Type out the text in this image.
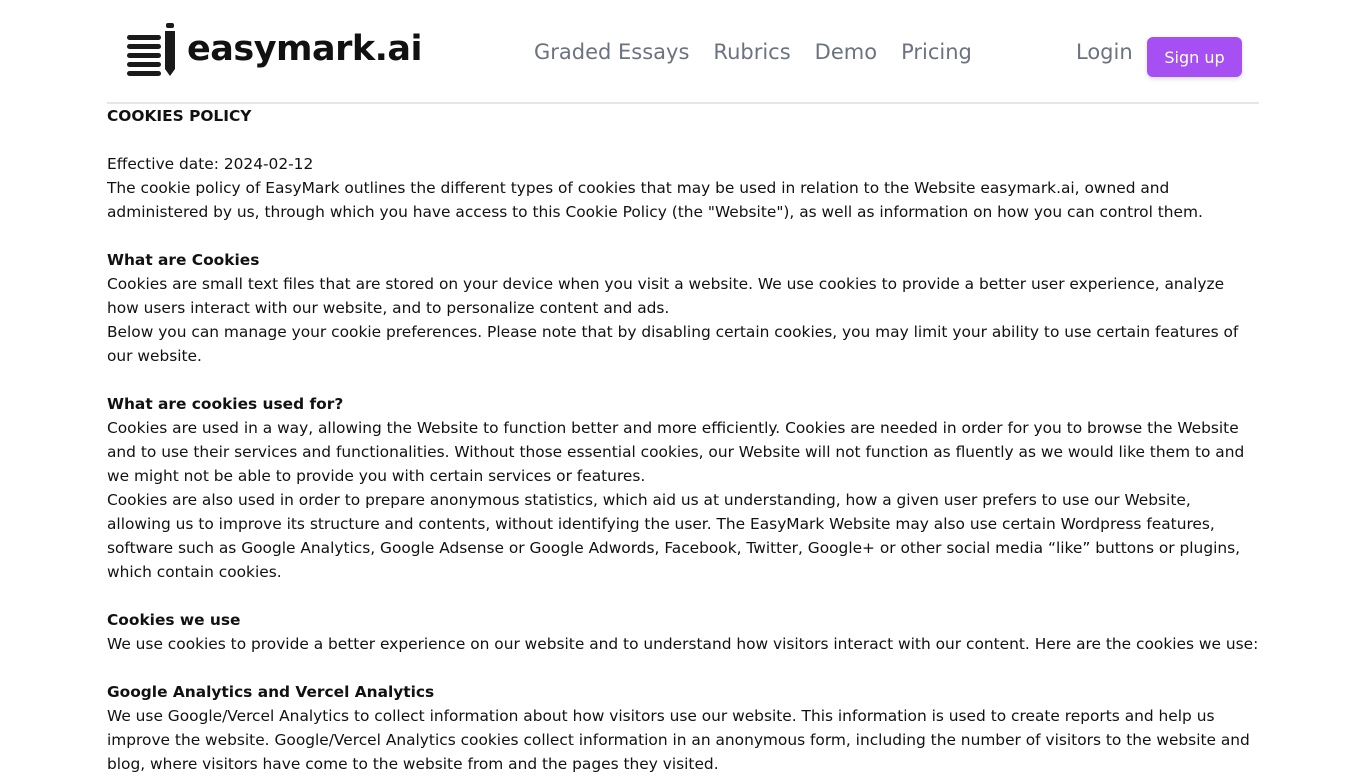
easymark.ai	Graded Essays Rubrics Demo Pricing	Login	Sign up
COOKIES POLICY

Effective date: 2024-02-12

The cookie policy of EasyMark outlines the different types of cookies that may be used in relation to the Website easymark.ai, owned and administered by us, through which you have access to this Cookie Policy (the "Website"), as well as information on how you can control them.

What are Cookies

Cookies are small text files that are stored on your device when you visit a website. We use cookies to provide a better user experience, analyze how users interact with our website, and to personalize content and ads.

Below you can manage your cookie preferences. Please note that by disabling certain cookies, you may limit your ability to use certain features of our website.

What are cookies used for?

Cookies are used in a way, allowing the Website to function better and more efficiently. Cookies are needed in order for you to browse the Website and to use their services and functionalities. Without those essential cookies, our Website will not function as fluently as we would like them to and we might not be able to provide you with certain services or features.

Cookies are also used in order to prepare anonymous statistics, which aid us at understanding, how a given user prefers to use our Website, allowing us to improve its structure and contents, without identifying the user. The EasyMark Website may also use certain Wordpress features, software such as Google Analytics, Google Adsense or Google Adwords, Facebook, Twitter, Google+ or other social media “like” buttons or plugins, which contain cookies.

Cookies we use

We use cookies to provide a better experience on our website and to understand how visitors interact with our content. Here are the cookies we use:

Google Analytics and Vercel Analytics

We use Google/Vercel Analytics to collect information about how visitors use our website. This information is used to create reports and help us improve the website. Google/Vercel Analytics cookies collect information in an anonymous form, including the number of visitors to the website and blog, where visitors have come to the website from and the pages they visited.
